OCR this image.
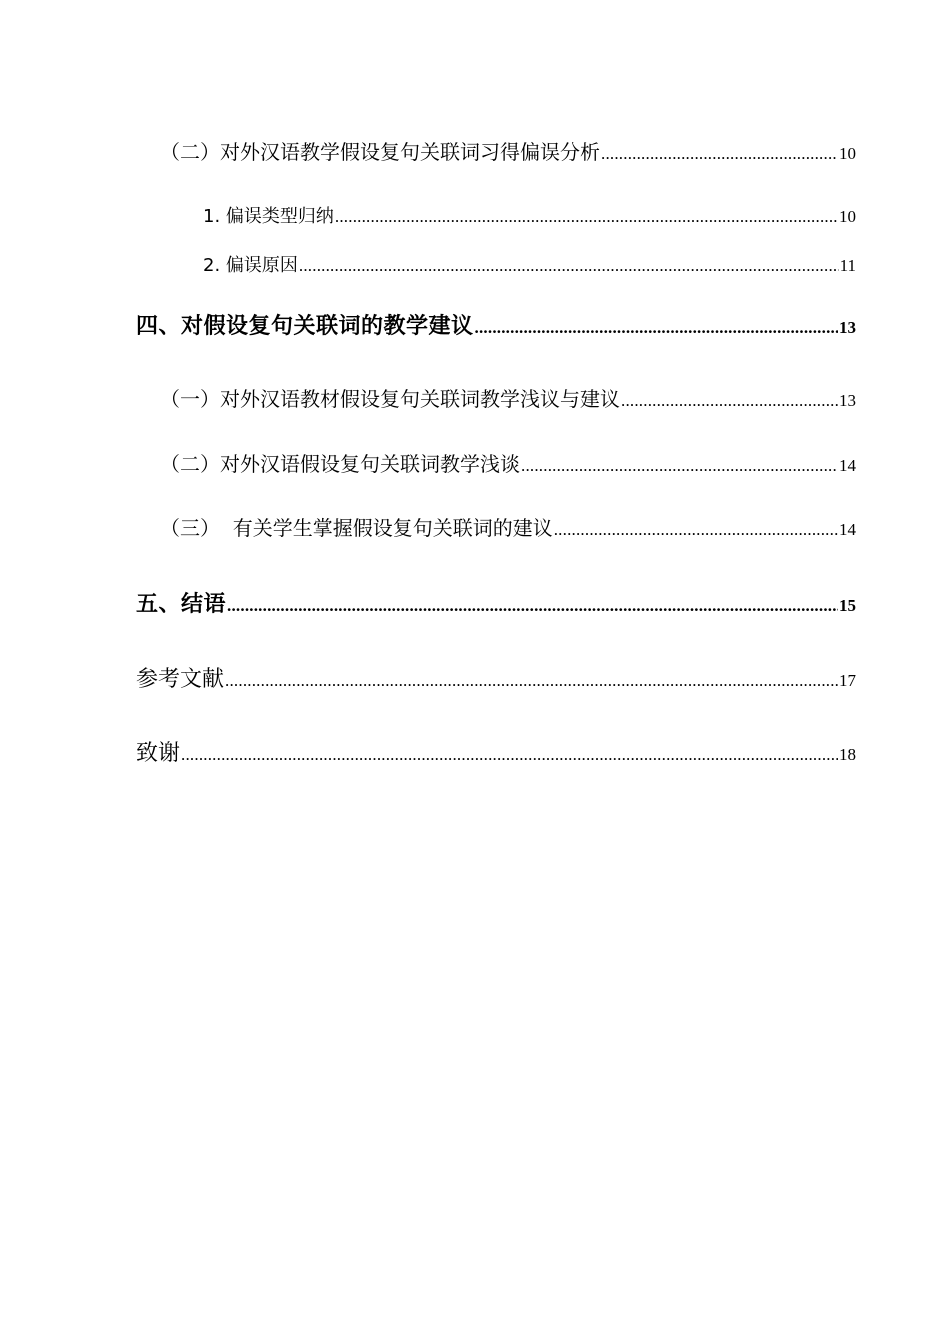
（二）对外汉语教学假设复句关联词习得偏误分析 .....	10
1. 偏误类型归纳 .....	10
2. 偏误原因 .....	11
四、对假设复句关联词的教学建议 .....	13
（一）对外汉语教材假设复句关联词教学浅议与建议 .....	13
（二）对外汉语假设复句关联词教学浅谈 .....	14
（三）  有关学生掌握假设复句关联词的建议 .....	14
五、结语 .....	15
参考文献 .....	17
致谢 .....	18
